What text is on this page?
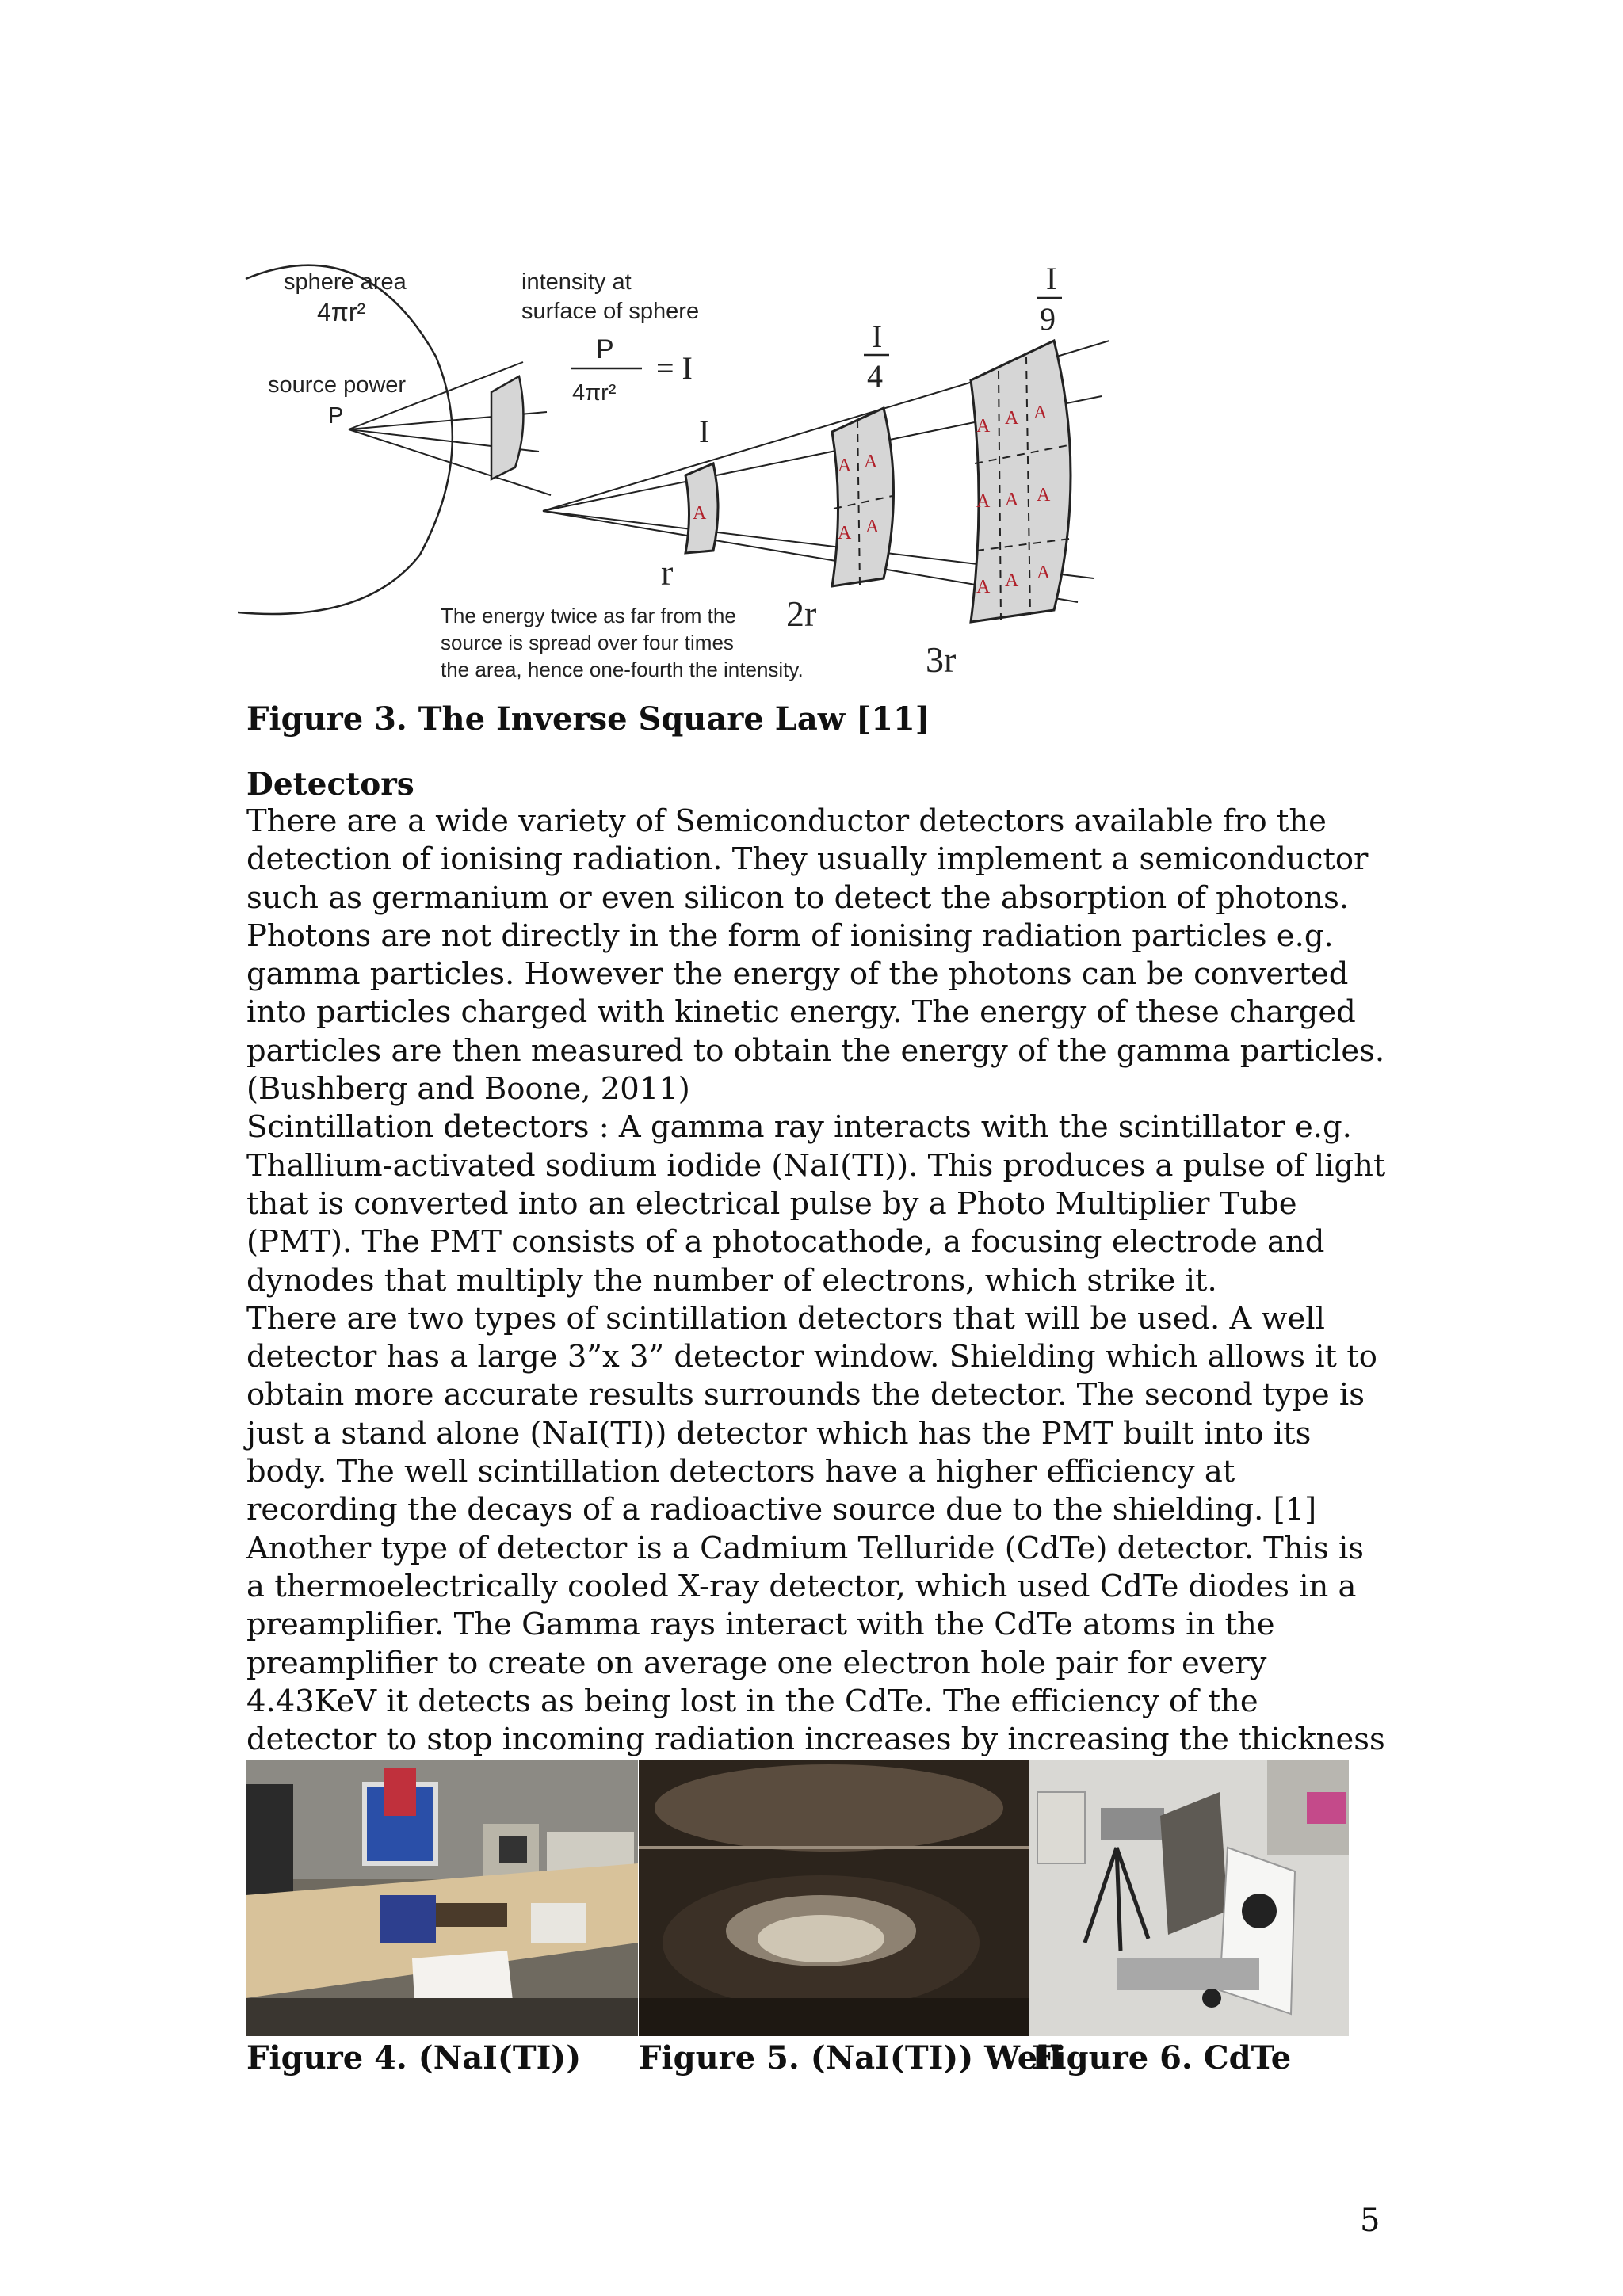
A
A A
A A
A A A
A A A
A A A
sphere area
4πr²
source power
P
intensity at
surface of sphere
P
4πr²
= I
I
I
4
I
9
r
2r
3r
The energy twice as far from the
source is spread over four times
the area, hence one-fourth the intensity.
Figure 3. The Inverse Square Law [11]
Detectors

There are a wide variety of Semiconductor detectors available fro the detection of ionising radiation. They usually implement a semiconductor such as germanium or even silicon to detect the absorption of photons.

Photons are not directly in the form of ionising radiation particles e.g. gamma particles. However the energy of the photons can be converted into particles charged with kinetic energy. The energy of these charged particles are then measured to obtain the energy of the gamma particles.(Bushberg and Boone, 2011)

Scintillation detectors : A gamma ray interacts with the scintillator e.g. Thallium-activated sodium iodide (NaI(TI)). This produces a pulse of light that is converted into an electrical pulse by a Photo Multiplier Tube (PMT). The PMT consists of a photocathode, a focusing electrode and dynodes that multiply the number of electrons, which strike it.

There are two types of scintillation detectors that will be used. A well detector has a large 3”x 3” detector window. Shielding which allows it to obtain more accurate results surrounds the detector. The second type is just a stand alone (NaI(TI)) detector which has the PMT built into its body. The well scintillation detectors have a higher efficiency at recording the decays of a radioactive source due to the shielding. [1]

Another type of detector is a Cadmium Telluride (CdTe) detector. This is a thermoelectrically cooled X-ray detector, which used CdTe diodes in a preamplifier. The Gamma rays interact with the CdTe atoms in the preamplifier to create on average one electron hole pair for every 4.43KeV it detects as being lost in the CdTe. The efficiency of the detector to stop incoming radiation increases by increasing the thickness

Figure 4. (NaI(TI)) Figure 5. (NaI(TI)) Well
Figure 6. CdTe
5
